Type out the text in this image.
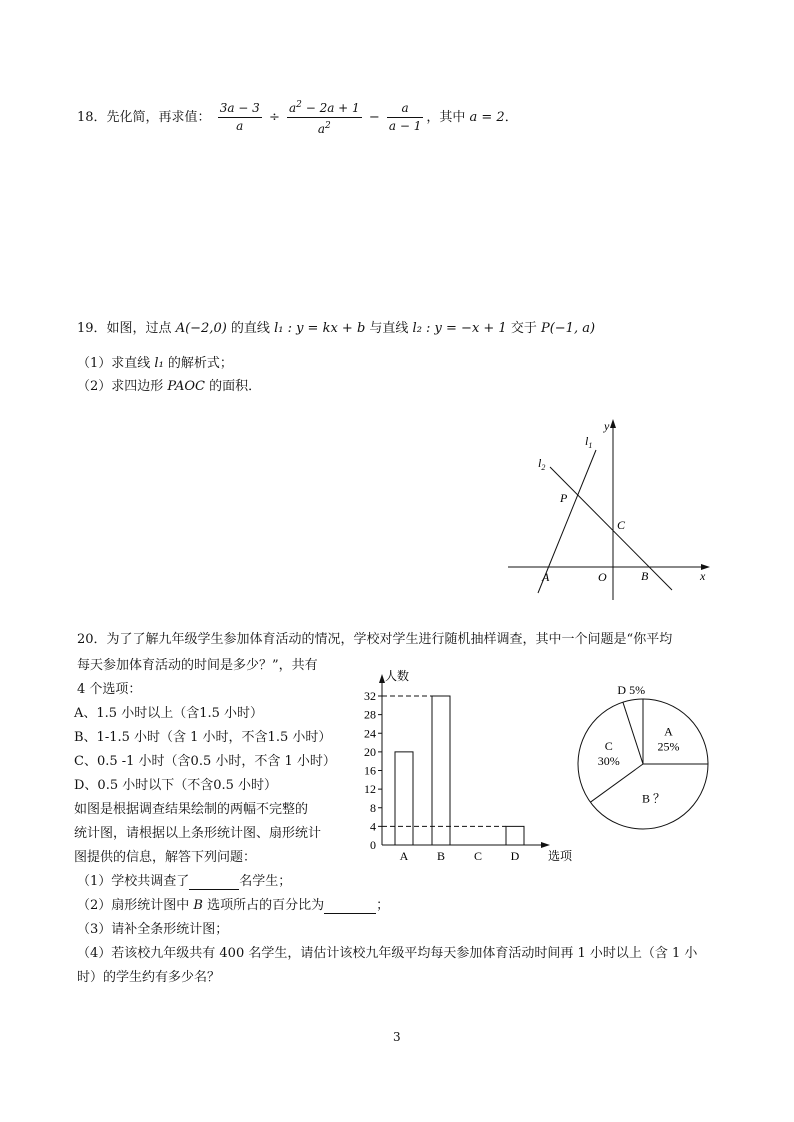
18．先化简，再求值： $\frac{3a - 3}{a} \div \frac{a^2 - 2a + 1}{a^2} - \frac{a}{a - 1}$ ，其中 a = 2．
19．如图，过点 A(−2,0) 的直线 l₁ : y = kx + b 与直线 l₂ : y = −x + 1 交于 P(−1, a)
（1）求直线 l₁ 的解析式；
（2）求四边形 PAOC 的面积．
y
x
$l_1$
$l_2$
P
C
A	O	B
20．为了了解九年级学生参加体育活动的情况，学校对学生进行随机抽样调查，其中一个问题是“你平均
每天参加体育活动的时间是多少？”，共有
4 个选项：
A、1.5 小时以上（含1.5 小时）
B、1-1.5 小时（含 1 小时，不含1.5 小时）
C、0.5 -1 小时（含0.5 小时，不含 1 小时）
D、0.5 小时以下（不含0.5 小时）
如图是根据调查结果绘制的两幅不完整的
统计图，请根据以上条形统计图、扇形统计
图提供的信息，解答下列问题：
（1）学校共调查了	名学生；
（2）扇形统计图中 B 选项所占的百分比为	；
（3）请补全条形统计图；
（4）若该校九年级共有 400 名学生，请估计该校九年级平均每天参加体育活动时间再 1 小时以上（含 1 小
时）的学生约有多少名？
0
4
8
12
16
20
24
28
32
A B C D
人数
选项
A
25%
C
30%
B ？
D 5%
3
